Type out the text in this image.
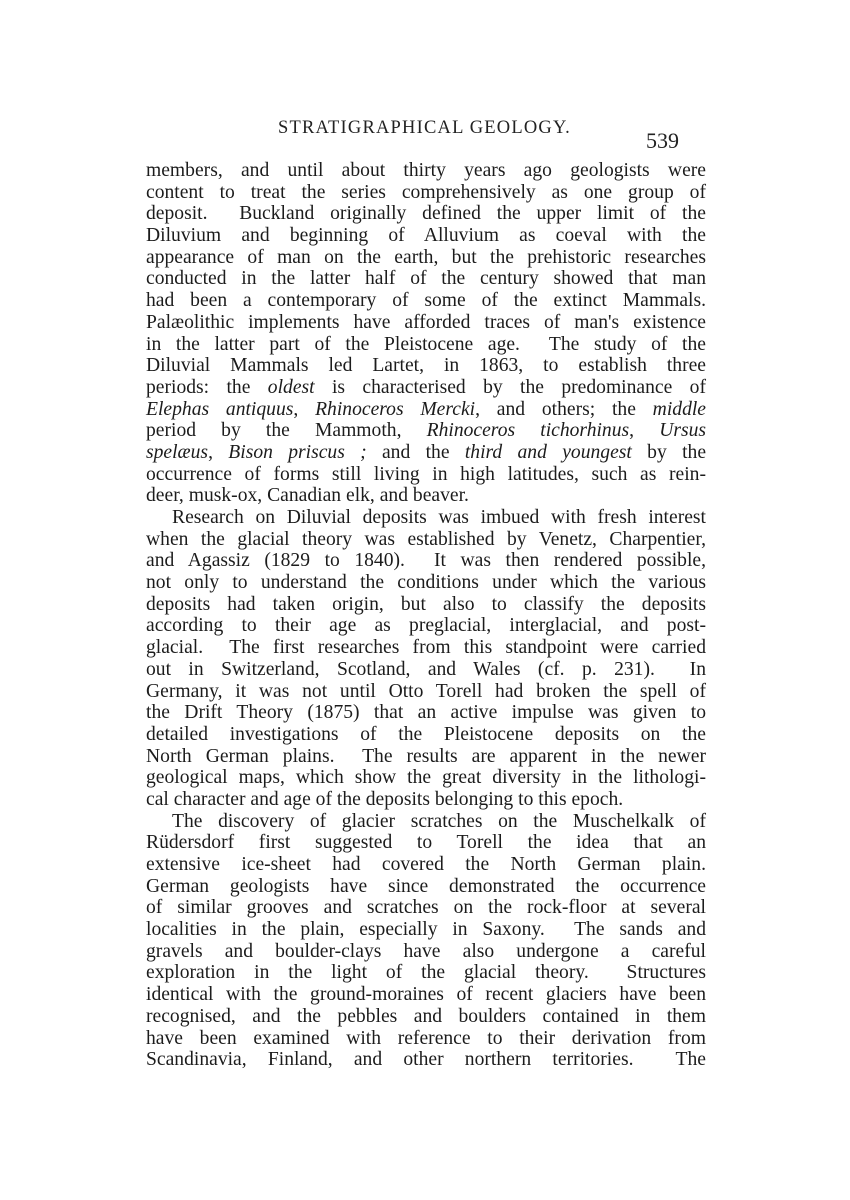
STRATIGRAPHICAL GEOLOGY.	539
members, and until about thirty years ago geologists were
content to treat the series comprehensively as one group of
deposit.  Buckland originally defined the upper limit of the
Diluvium and beginning of Alluvium as coeval with the
appearance of man on the earth, but the prehistoric researches
conducted in the latter half of the century showed that man
had been a contemporary of some of the extinct Mammals.
Palæolithic implements have afforded traces of man's existence
in the latter part of the Pleistocene age.  The study of the
Diluvial Mammals led Lartet, in 1863, to establish three
periods: the oldest is characterised by the predominance of
Elephas antiquus, Rhinoceros Mercki, and others; the middle
period by the Mammoth, Rhinoceros tichorhinus, Ursus
spelæus, Bison priscus ; and the third and youngest by the
occurrence of forms still living in high latitudes, such as rein-
deer, musk-ox, Canadian elk, and beaver.
Research on Diluvial deposits was imbued with fresh interest
when the glacial theory was established by Venetz, Charpentier,
and Agassiz (1829 to 1840).  It was then rendered possible,
not only to understand the conditions under which the various
deposits had taken origin, but also to classify the deposits
according to their age as preglacial, interglacial, and post-
glacial.  The first researches from this standpoint were carried
out in Switzerland, Scotland, and Wales (cf. p. 231).  In
Germany, it was not until Otto Torell had broken the spell of
the Drift Theory (1875) that an active impulse was given to
detailed investigations of the Pleistocene deposits on the
North German plains.  The results are apparent in the newer
geological maps, which show the great diversity in the lithologi-
cal character and age of the deposits belonging to this epoch.
The discovery of glacier scratches on the Muschelkalk of
Rüdersdorf first suggested to Torell the idea that an
extensive ice-sheet had covered the North German plain.
German geologists have since demonstrated the occurrence
of similar grooves and scratches on the rock-floor at several
localities in the plain, especially in Saxony.  The sands and
gravels and boulder-clays have also undergone a careful
exploration in the light of the glacial theory.  Structures
identical with the ground-moraines of recent glaciers have been
recognised, and the pebbles and boulders contained in them
have been examined with reference to their derivation from
Scandinavia, Finland, and other northern territories.  The
